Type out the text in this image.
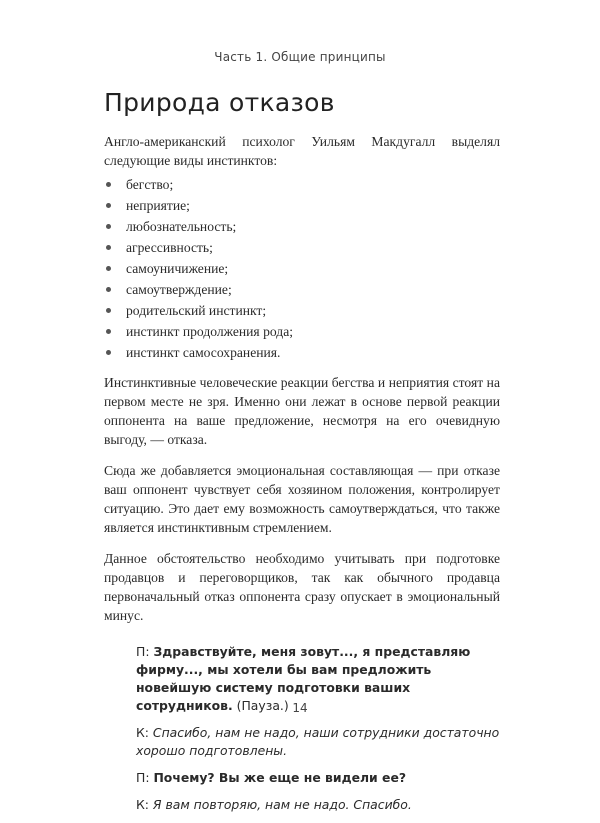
Часть 1. Общие принципы
Природа отказов

Англо-американский психолог Уильям Макдугалл выделял следующие виды инстинктов:

бегство;
неприятие;
любознательность;
агрессивность;
самоуничижение;
самоутверждение;
родительский инстинкт;
инстинкт продолжения рода;
инстинкт самосохранения.

Инстинктивные человеческие реакции бегства и неприятия стоят на первом месте не зря. Именно они лежат в основе первой реакции оппонента на ваше предложение, несмотря на его очевидную выгоду, — отказа.

Сюда же добавляется эмоциональная составляющая — при отказе ваш оппонент чувствует себя хозяином положения, контролирует ситуацию. Это дает ему возможность самоутверждаться, что также является инстинктивным стремлением.

Данное обстоятельство необходимо учитывать при подготовке продавцов и переговорщиков, так как обычного продавца первоначальный отказ оппонента сразу опускает в эмоциональный минус.

П: Здравствуйте, меня зовут..., я представляю фирму..., мы хотели бы вам предложить новейшую систему подготовки ваших сотрудников. (Пауза.)

К: Спасибо, нам не надо, наши сотрудники достаточно хорошо подготовлены.

П: Почему? Вы же еще не видели ее?

К: Я вам повторяю, нам не надо. Спасибо.

14
